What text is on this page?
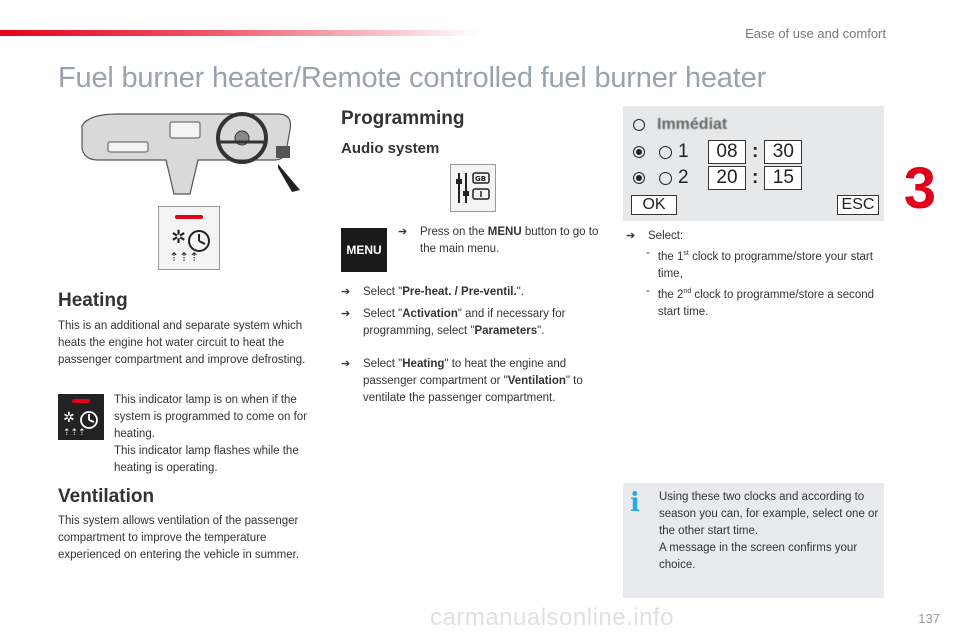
Ease of use and comfort
Fuel burner heater/Remote controlled fuel burner heater
3
✲
⇡⇡⇡
Heating

This is an additional and separate system which heats the engine hot water circuit to heat the passenger compartment and improve defrosting.

✲
⇡⇡⇡

This indicator lamp is on when if the system is programmed to come on for heating.

This indicator lamp flashes while the heating is operating.

Ventilation

This system allows ventilation of the passenger compartment to improve the temperature experienced on entering the vehicle in summer.

Programming
Audio system
GB
MENU
➔ Press on the MENU button to go to the main menu.
➔ Select "Pre-heat. / Pre-ventil.".
➔ Select "Activation" and if necessary for programming, select "Parameters".
➔ Select "Heating" to heat the engine and passenger compartment or "Ventilation" to ventilate the passenger compartment.
Immédiat
1	08 : 30
2	20 : 15
OK	ESC
➔ Select:
- the 1st clock to programme/store your start time,
- the 2nd clock to programme/store a second start time.
i Using these two clocks and according to season you can, for example, select one or the other start time.

A message in the screen confirms your choice.

carmanualsonline.info	137
